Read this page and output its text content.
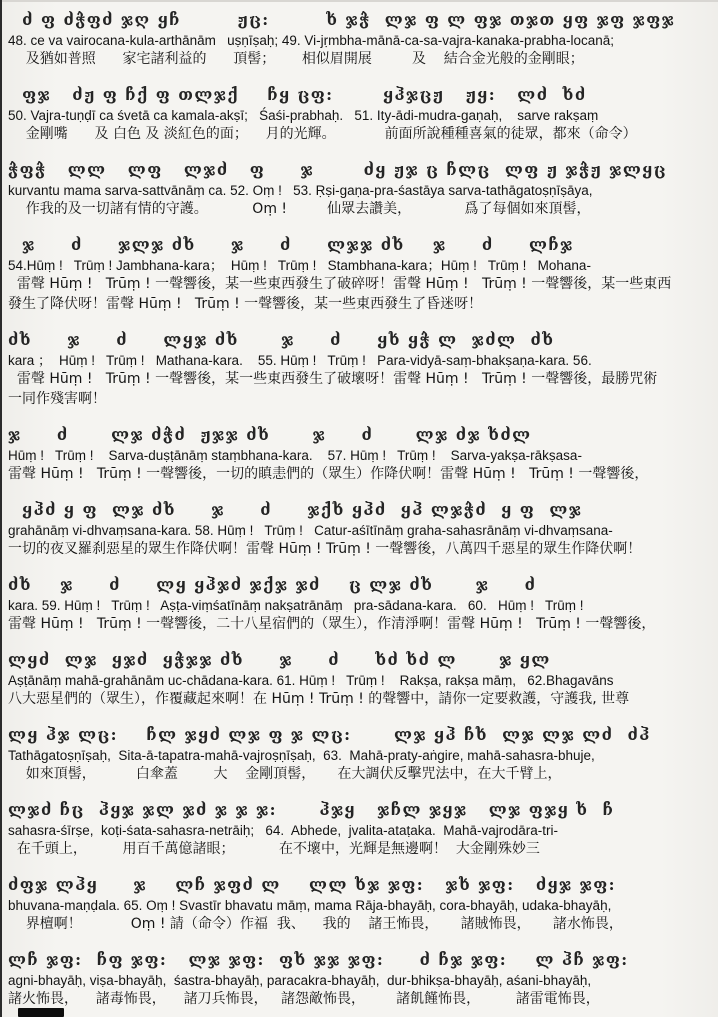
ძ ფ ძჭფძ ჯღ ყჩ        ჟც:        ხ ჯჭ  ლჯ ფ ლ ფჯ თჯთ ყფ ჯფ ჯფჯ
48. ce va vairocana-kula-arthānām   uṣṇīṣaḥ; 49. Vi-jṛmbha-mānā-ca-sa-vajra-kanaka-prabha-locanā;
及猶如普照      家宅諸利益的      頂髻；      相似眉開展         及    結合金光般的金剛眼；
ფჯ   ძჟ ფ ჩქ ფ თლჯქ    ჩყ ცფ:       ყჰჯცჟ   ჟყ:   ლძ  ხძ
50. Vajra-tuṇḍī ca śvetā ca kamala-akṣī;   Śaśi-prabhaḥ.   51. Ity-ādi-mudra-gaṇaḥ,    sarve rakṣaṃ
金剛嘴      及 白色 及 淡紅色的面；    月的光輝。           前面所說種種喜氣的徒眾，都來（命令）
ჭფჭ   ლლ   ლფ   ლჯძ   ფ     ჯ       ძყ ჟჯ ც ჩლც  ლფ ჟ ჯჭჟ ჯლყც
kurvantu mama sarva-sattvānāṃ ca. 52. Oṃ !   53. Ṛṣi-gaṇa-pra-śastāya sarva-tathāgatoṣṇīṣāya,
作我的及一切諸有情的守護。          Oṃ !         仙眾去讚美，            爲了每個如來頂髻，
ჯ     ძ     ჯლჯ ძხ     ჯ     ძ     ლჯჯ ძხ    ჯ     ძ     ლჩჯ
54.Hūṃ !   Trūṃ ! Jambhana-kara；  Hūṃ !   Trūṃ !   Stambhana-kara；Hūṃ !   Trūṃ !   Mohana-
雷聲 Hūṃ !   Trūṃ ! 一聲響後，某一些東西發生了破碎呀！雷聲 Hūṃ !   Trūṃ ! 一聲響後，某一些東西
發生了降伏呀！雷聲 Hūṃ !   Trūṃ ! 一聲響後，某一些東西發生了昏迷呀！
ძხ     ჯ     ძ     ლყჯ ძხ      ჯ     ძ     ყხ ყჭ ლ  ჯძლ  ძხ
kara ；  Hūṃ !   Trūṃ !   Mathana-kara.    55. Hūṃ !   Trūṃ !   Para-vidyā-saṃ-bhakṣaṇa-kara. 56.
雷聲 Hūṃ !   Trūṃ ! 一聲響後，某一些東西發生了破壞呀！雷聲 Hūṃ !   Trūṃ ! 一聲響後，最勝咒術
一同作殘害啊！
ჯ     ძ      ლჯ ძჭძ  ჟჯჯ ძხ      ჯ     ძ      ლჯ ძჯ ხძლ
Hūṃ !   Trūṃ !    Sarva-duṣṭānāṃ staṃbhana-kara.    57. Hūṃ !   Trūṃ !    Sarva-yakṣa-rākṣasa-
雷聲 Hūṃ !   Trūṃ ! 一聲響後，一切的瞋恚們的（眾生）作降伏啊！雷聲 Hūṃ !   Trūṃ ! 一聲響後，
ყჰძ ყ ფ  ლჯ ძხ     ჯ     ძ     ჯქხ ყჰძ  ყჰ ლჯჭძ  ყ ფ  ლჯ
grahānāṃ vi-dhvaṃsana-kara. 58. Hūṃ !   Trūṃ !   Catur-aśītīnāṃ graha-sahasrānāṃ vi-dhvaṃsana-
一切的夜叉羅刹惡星的眾生作降伏啊！雷聲 Hūṃ ! Trūṃ ! 一聲響後，八萬四千惡星的眾生作降伏啊！
ძხ    ჯ     ძ     ლყ ყჰჯძ ჯქჯ ჯძ    ც ლჯ ძხ      ჯ     ძ
kara. 59. Hūṃ !   Trūṃ !   Aṣṭa-viṃśatīnāṃ nakṣatrānāṃ   pra-sādana-kara.   60.   Hūṃ !   Trūṃ !
雷聲 Hūṃ !   Trūṃ ! 一聲響後，二十八星宿們的（眾生），作清淨啊！雷聲 Hūṃ !   Trūṃ ! 一聲響後，
ლყძ  ლჯ  ყჯძ  ყჭჯჯ ძხ     ჯ     ძ     ხძ ხძ ლ      ჯ ყლ
Aṣṭānāṃ mahā-grahānām uc-chādana-kara. 61. Hūṃ !   Trūṃ !    Rakṣa, rakṣa māṃ,   62.Bhagavāns
八大惡星們的（眾生），作覆藏起來啊！在 Hūṃ ! Trūṃ ! 的聲響中，請你一定要救護，守護我, 世尊
ლყ ჰჯ ლც:    ჩლ ჯყძ ლჯ ფ ჯ ლც:      ლჯ ყჰ ჩხ  ლჯ ლჯ ლძ  ძჰ
Tathāgatoṣṇīṣaḥ,  Sita-ā-tapatra-mahā-vajroṣṇīṣaḥ,  63.  Mahā-praty-aṅgire, mahā-sahasra-bhuje,
如來頂髻，         白傘蓋        大    金剛頂髻，     在大調伏反擊咒法中，在大千臂上，
ლჯძ ჩც  ჰყჯ ჯლ ჯძ ჯ ჯ ჯ:      ჰჯყ   ჯჩლ ჯყჯ   ლჯ ფჯყ ხ  ჩ
sahasra-śīrṣe,  koṭi-śata-sahasra-netrāiḥ;   64.  Abhede,  jvalita-ataṭaka.  Mahā-vajrodāra-tri-
在千頭上，        用百千萬億諸眼；          在不壞中，光輝是無邊啊！  大金剛殊妙三
ძფჯ ლჰყ     ჯ    ლჩ ჯფძ ლ    ლლ ხჯ ჯფ:   ჯხ ჯფ:   ძყჯ ჯფ:
bhuvana-maṇḍala. 65. Oṃ ! Svastīr bhavatu māṃ, mama Rāja-bhayāḥ, cora-bhayāḥ, udaka-bhayāḥ,
界檀啊！           Oṃ ! 請（命令）作福  我、    我的    諸王怖畏，     諸賊怖畏，     諸水怖畏，
ლჩ ჯფ:  ჩფ ჯფ:   ლჯ ჯფ:  ფხ ჯჯ ჯფ:     ძ ჩჯ ჯფ:    ლ ჰჩ ჯფ:
agni-bhayāḥ, viṣa-bhayāḥ,  śastra-bhayāḥ, paracakra-bhayāḥ,  dur-bhikṣa-bhayāḥ, aśani-bhayāḥ,
諸火怖畏，    諸毒怖畏，    諸刀兵怖畏，   諸怨敵怖畏，       諸飢饉怖畏，        諸雷電怖畏，
